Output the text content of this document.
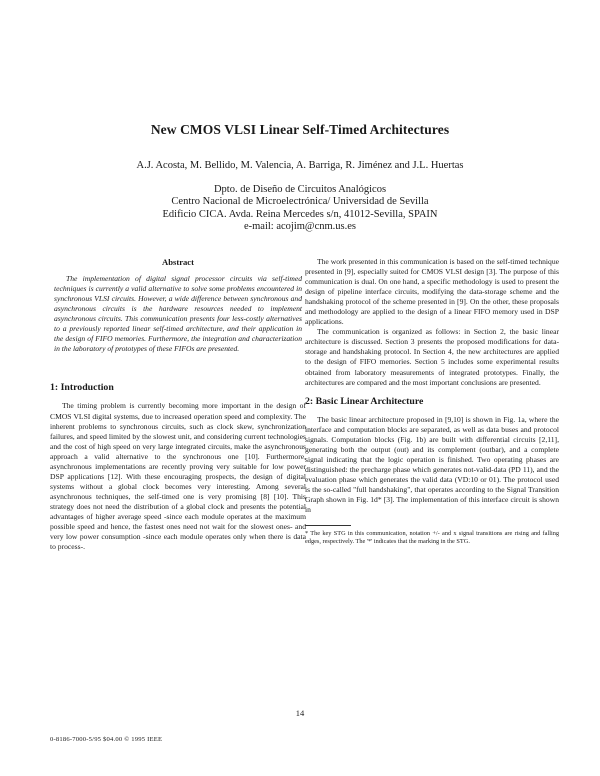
New CMOS VLSI Linear Self-Timed Architectures
A.J. Acosta, M. Bellido, M. Valencia, A. Barriga, R. Jiménez and J.L. Huertas
Dpto. de Diseño de Circuitos Analógicos
Centro Nacional de Microelectrónica/ Universidad de Sevilla
Edificio CICA. Avda. Reina Mercedes s/n, 41012-Sevilla, SPAIN
e-mail: acojim@cnm.us.es
Abstract

The implementation of digital signal processor circuits via self-timed techniques is currently a valid alternative to solve some problems encountered in synchronous VLSI circuits. However, a wide difference between synchronous and asynchronous circuits is the hardware resources needed to implement asynchronous circuits. This communication presents four less-costly alternatives to a previously reported linear self-timed architecture, and their application in the design of FIFO memories. Furthermore, the integration and characterization in the laboratory of prototypes of these FIFOs are presented.

1: Introduction

The timing problem is currently becoming more important in the design of CMOS VLSI digital systems, due to increased operation speed and complexity. The inherent problems to synchronous circuits, such as clock skew, synchronization failures, and speed limited by the slowest unit, and considering current technologies and the cost of high speed on very large integrated circuits, make the asynchronous approach a valid alternative to the synchronous one [10]. Furthermore, asynchronous implementations are recently proving very suitable for low power DSP applications [12]. With these encouraging prospects, the design of digital systems without a global clock becomes very interesting. Among several asynchronous techniques, the self-timed one is very promising [8] [10]. This strategy does not need the distribution of a global clock and presents the potential advantages of higher average speed -since each module operates at the maximum possible speed and hence, the fastest ones need not wait for the slowest ones- and very low power consumption -since each module operates only when there is data to process-.

The work presented in this communication is based on the self-timed technique presented in [9], especially suited for CMOS VLSI design [3]. The purpose of this communication is dual. On one hand, a specific methodology is used to present the design of pipeline interface circuits, modifying the data-storage scheme and the handshaking protocol of the scheme presented in [9]. On the other, these proposals and methodology are applied to the design of a linear FIFO memory used in DSP applications.

The communication is organized as follows: in Section 2, the basic linear architecture is discussed. Section 3 presents the proposed modifications for data-storage and handshaking protocol. In Section 4, the new architectures are applied to the design of FIFO memories. Section 5 includes some experimental results obtained from laboratory measurements of integrated prototypes. Finally, the architectures are compared and the most important conclusions are presented.

2: Basic Linear Architecture

The basic linear architecture proposed in [9,10] is shown in Fig. 1a, where the interface and computation blocks are separated, as well as data buses and protocol signals. Computation blocks (Fig. 1b) are built with differential circuits [2,11], generating both the output (out) and its complement (outbar), and a complete signal indicating that the logic operation is finished. Two operating phases are distinguished: the precharge phase which generates not-valid-data (PD 11), and the evaluation phase which generates the valid data (VD:10 or 01). The protocol used is the so-called "full handshaking", that operates according to the Signal Transition Graph shown in Fig. 1d* [3]. The implementation of this interface circuit is shown in

* The key STG in this communication, notation +/- and x signal transitions are rising and falling edges, respectively. The '*' indicates that the marking in the STG.

14
0-8186-7000-5/95 $04.00 © 1995 IEEE
